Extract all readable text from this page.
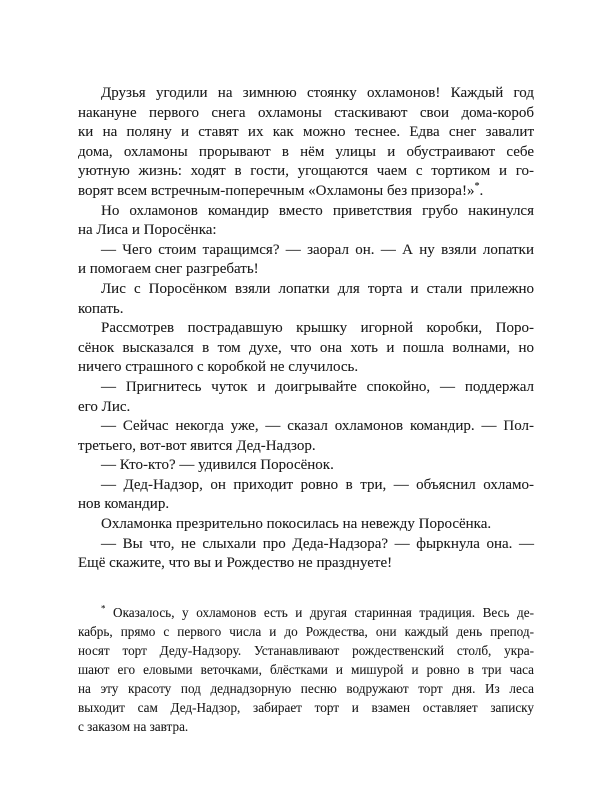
Друзья угодили на зимнюю стоянку охламонов! Каждый год
накануне первого снега охламоны стаскивают свои дома-короб
ки на поляну и ставят их как можно теснее. Едва снег завалит
дома, охламоны прорывают в нём улицы и обустраивают себе
уютную жизнь: ходят в гости, угощаются чаем с тортиком и го-
ворят всем встречным-поперечным «Охламоны без призора!»*.
Но охламонов командир вместо приветствия грубо накинулся
на Лиса и Поросёнка:
— Чего стоим таращимся? — заорал он. — А ну взяли лопатки
и помогаем снег разгребать!
Лис с Поросёнком взяли лопатки для торта и стали прилежно
копать.
Рассмотрев пострадавшую крышку игорной коробки, Поро-
сёнок высказался в том духе, что она хоть и пошла волнами, но
ничего страшного с коробкой не случилось.
— Пригнитесь чуток и доигрывайте спокойно, — поддержал
его Лис.
— Сейчас некогда уже, — сказал охламонов командир. — Пол-
третьего, вот-вот явится Дед-Надзор.
— Кто-кто? — удивился Поросёнок.
— Дед-Надзор, он приходит ровно в три, — объяснил охламо-
нов командир.
Охламонка презрительно покосилась на невежду Поросёнка.
— Вы что, не слыхали про Деда-Надзора? — фыркнула она. —
Ещё скажите, что вы и Рождество не празднуете!
* Оказалось, у охламонов есть и другая старинная традиция. Весь де-
кабрь, прямо с первого числа и до Рождества, они каждый день препод-
носят торт Деду-Надзору. Устанавливают рождественский столб, укра-
шают его еловыми веточками, блёстками и мишурой и ровно в три часа
на эту красоту под деднадзорную песню водружают торт дня. Из леса
выходит сам Дед-Надзор, забирает торт и взамен оставляет записку
с заказом на завтра.
